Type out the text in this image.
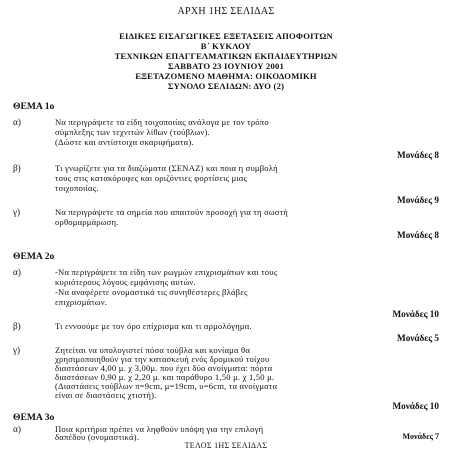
ΑΡΧΗ 1ΗΣ ΣΕΛΙΔΑΣ
ΕΙΔΙΚΕΣ ΕΙΣΑΓΩΓΙΚΕΣ ΕΞΕΤΑΣΕΙΣ ΑΠΟΦΟΙΤΩΝ
Β΄ ΚΥΚΛΟΥ
ΤΕΧΝΙΚΩΝ ΕΠΑΓΓΕΛΜΑΤΙΚΩΝ ΕΚΠΑΙΔΕΥΤΗΡΙΩΝ
ΣΑΒΒΑΤΟ 23 ΙΟΥΝΙΟΥ 2001
ΕΞΕΤΑΖΟΜΕΝΟ ΜΑΘΗΜΑ: ΟΙΚΟΔΟΜΙΚΗ
ΣΥΝΟΛΟ ΣΕΛΙΔΩΝ: ΔΥΟ (2)
ΘΕΜΑ 1ο
α)	Να περιγράψετε τα είδη τοιχοποιίας ανάλογα με τον τρόπο
σύμπλεξης των τεχνιτών λίθων (τούβλων).
(Δώστε και αντίστοιχα σκαριφήματα).
Μονάδες 8
β)	Τι γνωρίζετε για τα διαζώματα (ΣΕΝΑΖ) και ποια η συμβολή
τους στις κατακόρυφες και οριζόντιες φορτίσεις μιας
τοιχοποιίας.
Μονάδες 9
γ)	Να περιγράψετε τα σημεία που απαιτούν προσοχή για τη σωστή
ορθομαρμάρωση.
Μονάδες 8
ΘΕΜΑ 2ο
α)	-Να περιγράψετε τα είδη των ρωγμών επιχρισμάτων και τους
κυριότερους λόγους εμφάνισης αυτών.
-Να αναφέρετε ονομαστικά τις συνηθέστερες βλάβες
επιχρισμάτων.
Μονάδες 10
β)	Τι εννοούμε με τον όρο επίχρισμα και τι αρμολόγημα.
Μονάδες 5
γ)	Ζητείται να υπολογιστεί πόσα τούβλα και κονίαμα θα
χρησιμοποιηθούν για την κατασκευή ενός δρομικού τοίχου
διαστάσεων 4,00 μ. χ 3,00μ. που έχει δύο ανοίγματα: πόρτα
διαστάσεων 0,90 μ. χ 2,20 μ. και παράθυρο 1,50 μ. χ 1,50 μ.
(Διαστάσεις τούβλων π=9cm, μ=19cm, υ=6cm, τα ανοίγματα
είναι σε διαστάσεις χτιστή).
Μονάδες 10
ΘΕΜΑ 3ο
α)	Ποια κριτήρια πρέπει να ληφθούν υπόψη για την επιλογή
δαπέδου (ονομαστικά).	Μονάδες 7
ΤΕΛΟΣ 1ΗΣ ΣΕΛΙΔΑΣ
